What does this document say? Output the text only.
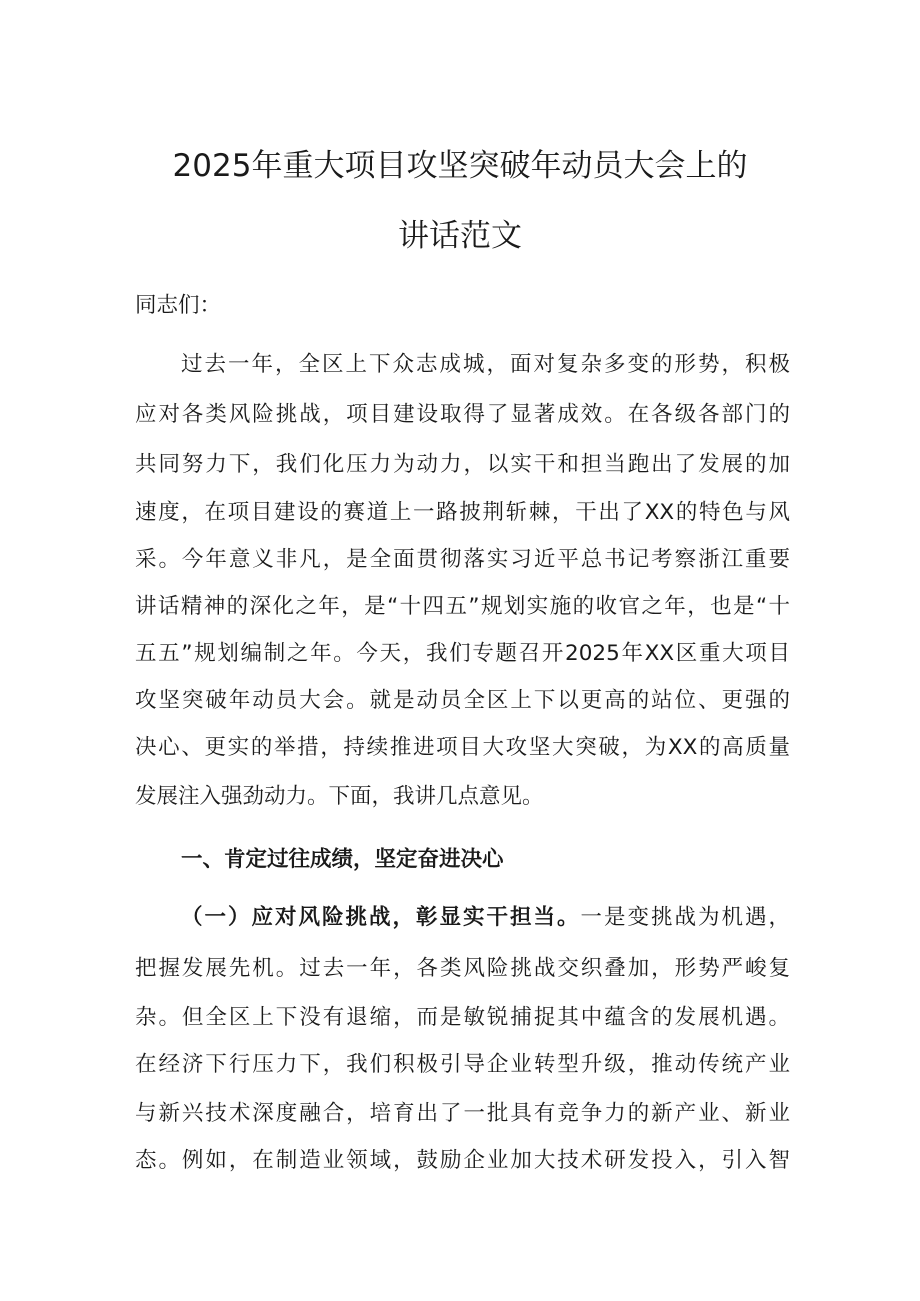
2025年重大项目攻坚突破年动员大会上的
讲话范文

同志们：

过去一年，全区上下众志成城，面对复杂多变的形势，积极

应对各类风险挑战，项目建设取得了显著成效。在各级各部门的

共同努力下，我们化压力为动力，以实干和担当跑出了发展的加

速度，在项目建设的赛道上一路披荆斩棘，干出了XX的特色与风

采。今年意义非凡，是全面贯彻落实习近平总书记考察浙江重要

讲话精神的深化之年，是“十四五”规划实施的收官之年，也是“十

五五”规划编制之年。今天，我们专题召开2025年XX区重大项目

攻坚突破年动员大会。就是动员全区上下以更高的站位、更强的

决心、更实的举措，持续推进项目大攻坚大突破，为XX的高质量

发展注入强劲动力。下面，我讲几点意见。

一、肯定过往成绩，坚定奋进决心

（一）应对风险挑战，彰显实干担当。一是变挑战为机遇，

把握发展先机。过去一年，各类风险挑战交织叠加，形势严峻复

杂。但全区上下没有退缩，而是敏锐捕捉其中蕴含的发展机遇。

在经济下行压力下，我们积极引导企业转型升级，推动传统产业

与新兴技术深度融合，培育出了一批具有竞争力的新产业、新业

态。例如，在制造业领域，鼓励企业加大技术研发投入，引入智
